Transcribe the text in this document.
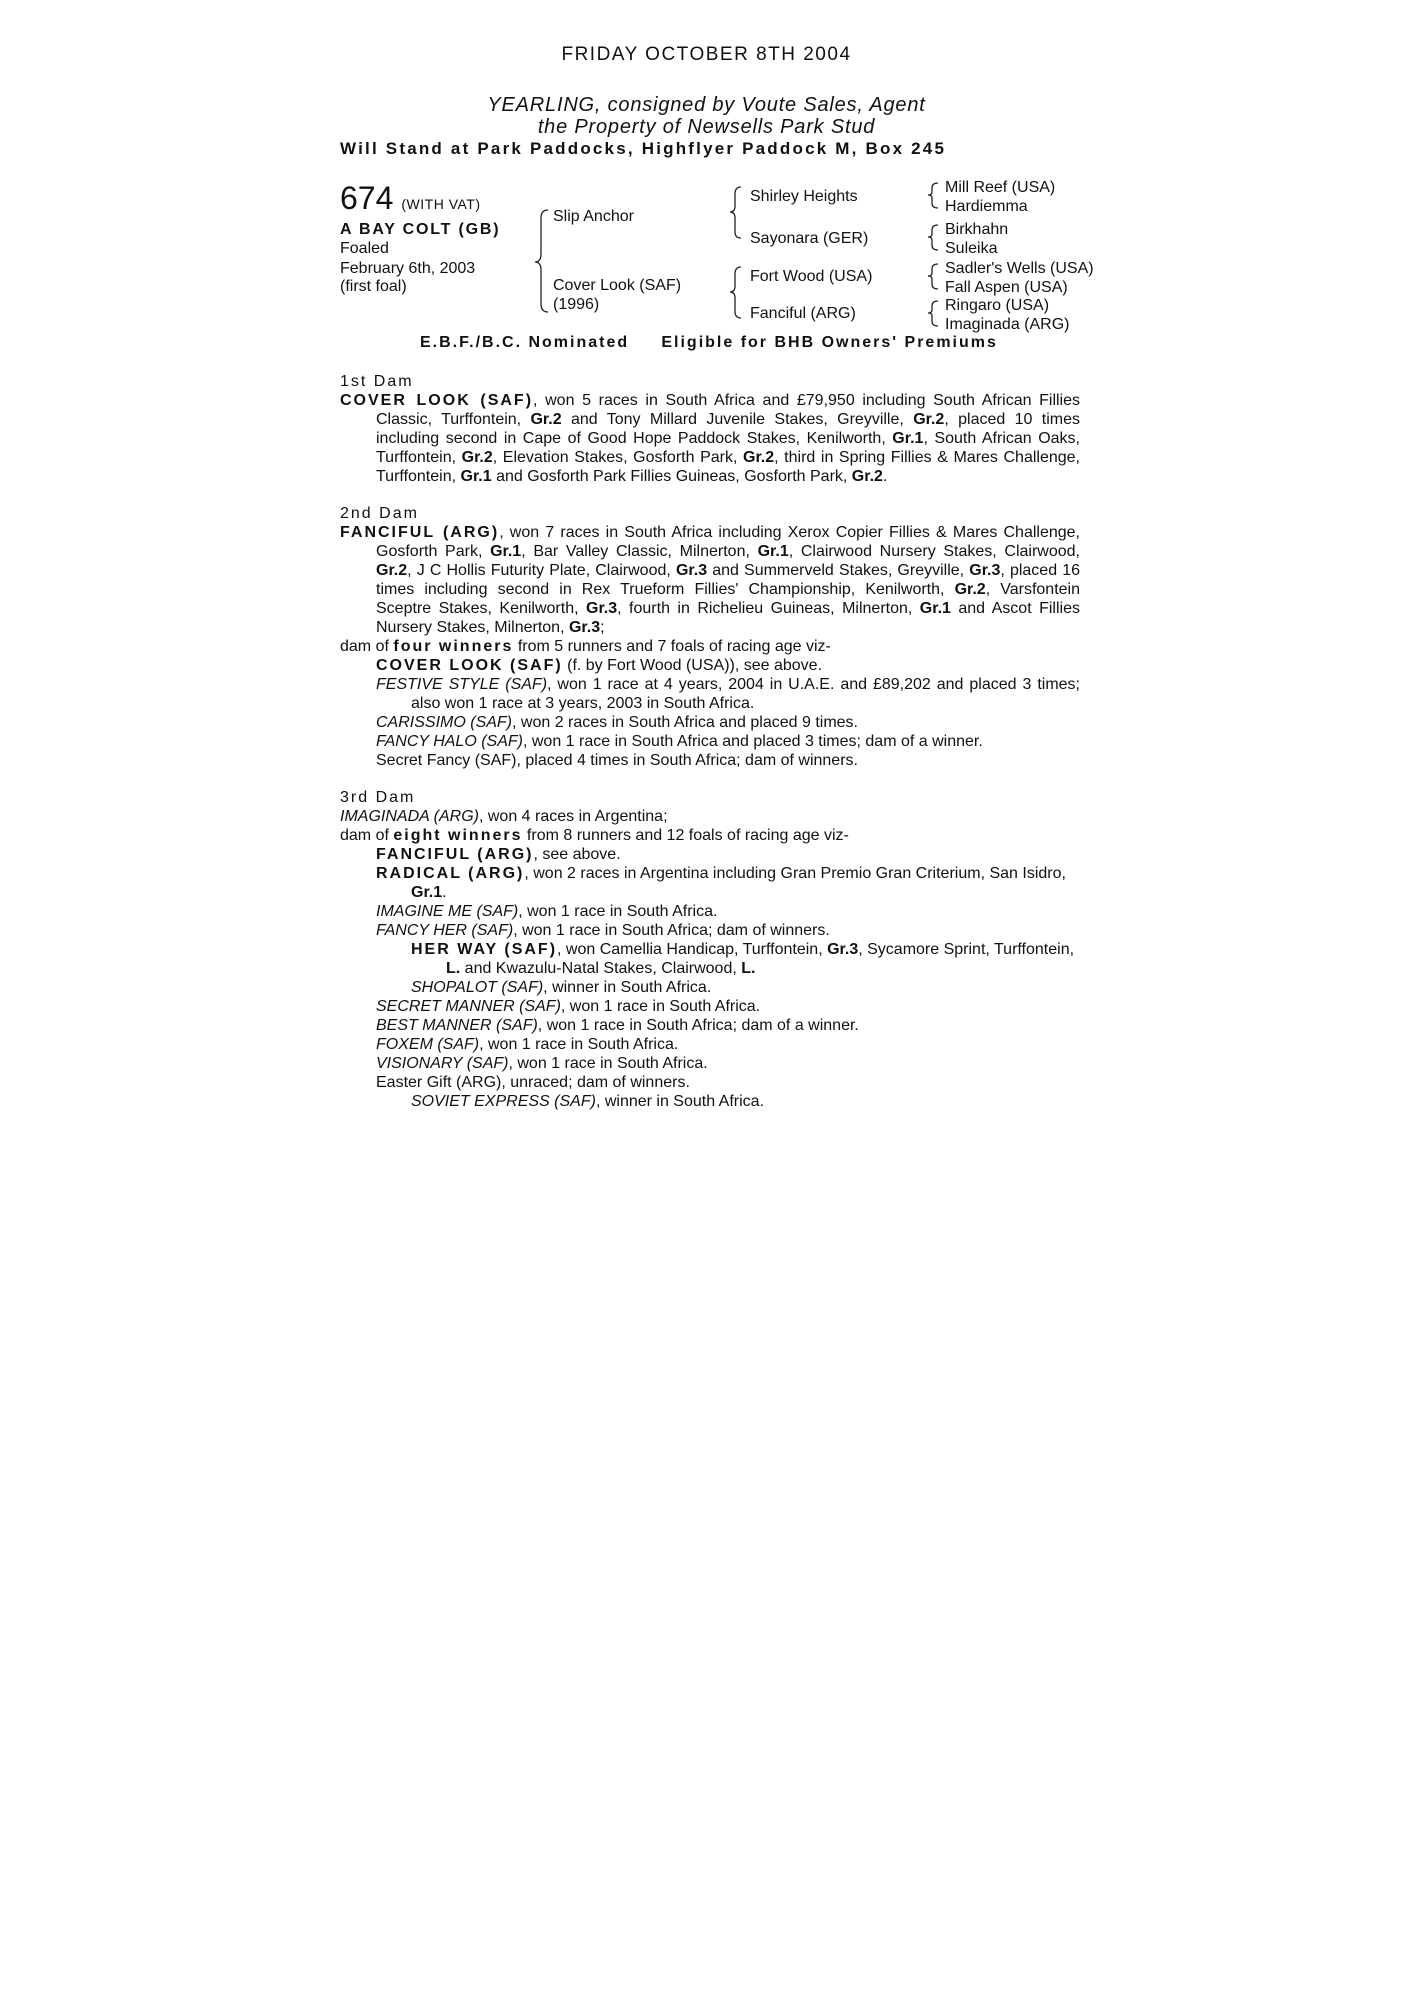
FRIDAY OCTOBER 8TH 2004
YEARLING, consigned by Voute Sales, Agent
the Property of Newsells Park Stud
Will Stand at Park Paddocks, Highflyer Paddock M, Box 245
674 (WITH VAT)
A BAY COLT (GB)
Foaled
February 6th, 2003
(first foal)
Slip Anchor
Cover Look (SAF)
(1996)
Shirley Heights
Sayonara (GER)
Fort Wood (USA)
Fanciful (ARG)
Mill Reef (USA)
Hardiemma
Birkhahn
Suleika
Sadler's Wells (USA)
Fall Aspen (USA)
Ringaro (USA)
Imaginada (ARG)
E.B.F./B.C. Nominated     Eligible for BHB Owners' Premiums
1st Dam
COVER LOOK (SAF), won 5 races in South Africa and £79,950 including South African Fillies Classic, Turffontein, Gr.2 and Tony Millard Juvenile Stakes, Greyville, Gr.2, placed 10 times including second in Cape of Good Hope Paddock Stakes, Kenilworth, Gr.1, South African Oaks, Turffontein, Gr.2, Elevation Stakes, Gosforth Park, Gr.2, third in Spring Fillies & Mares Challenge, Turffontein, Gr.1 and Gosforth Park Fillies Guineas, Gosforth Park, Gr.2.
2nd Dam
FANCIFUL (ARG), won 7 races in South Africa including Xerox Copier Fillies & Mares Challenge, Gosforth Park, Gr.1, Bar Valley Classic, Milnerton, Gr.1, Clairwood Nursery Stakes, Clairwood, Gr.2, J C Hollis Futurity Plate, Clairwood, Gr.3 and Summerveld Stakes, Greyville, Gr.3, placed 16 times including second in Rex Trueform Fillies' Championship, Kenilworth, Gr.2, Varsfontein Sceptre Stakes, Kenilworth, Gr.3, fourth in Richelieu Guineas, Milnerton, Gr.1 and Ascot Fillies Nursery Stakes, Milnerton, Gr.3;
dam of four winners from 5 runners and 7 foals of racing age viz-
COVER LOOK (SAF) (f. by Fort Wood (USA)), see above.
FESTIVE STYLE (SAF), won 1 race at 4 years, 2004 in U.A.E. and £89,202 and placed 3 times; also won 1 race at 3 years, 2003 in South Africa.
CARISSIMO (SAF), won 2 races in South Africa and placed 9 times.
FANCY HALO (SAF), won 1 race in South Africa and placed 3 times; dam of a winner.
Secret Fancy (SAF), placed 4 times in South Africa; dam of winners.
3rd Dam
IMAGINADA (ARG), won 4 races in Argentina;
dam of eight winners from 8 runners and 12 foals of racing age viz-
FANCIFUL (ARG), see above.
RADICAL (ARG), won 2 races in Argentina including Gran Premio Gran Criterium, San Isidro, Gr.1.
IMAGINE ME (SAF), won 1 race in South Africa.
FANCY HER (SAF), won 1 race in South Africa; dam of winners.
HER WAY (SAF), won Camellia Handicap, Turffontein, Gr.3, Sycamore Sprint, Turffontein, L. and Kwazulu-Natal Stakes, Clairwood, L.
SHOPALOT (SAF), winner in South Africa.
SECRET MANNER (SAF), won 1 race in South Africa.
BEST MANNER (SAF), won 1 race in South Africa; dam of a winner.
FOXEM (SAF), won 1 race in South Africa.
VISIONARY (SAF), won 1 race in South Africa.
Easter Gift (ARG), unraced; dam of winners.
SOVIET EXPRESS (SAF), winner in South Africa.
